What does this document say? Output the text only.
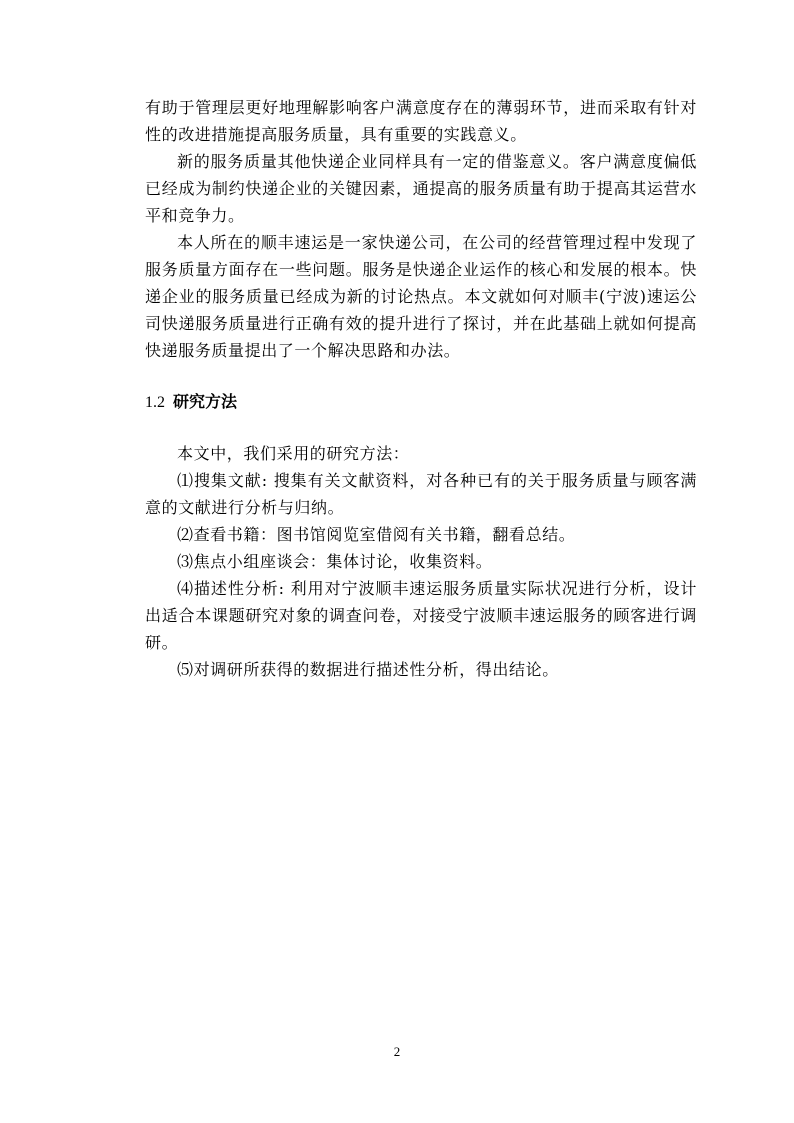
有助于管理层更好地理解影响客户满意度存在的薄弱环节，进而采取有针对性的改进措施提高服务质量，具有重要的实践意义。

新的服务质量其他快递企业同样具有一定的借鉴意义。客户满意度偏低已经成为制约快递企业的关键因素，通提高的服务质量有助于提高其运营水平和竞争力。

本人所在的顺丰速运是一家快递公司，在公司的经营管理过程中发现了服务质量方面存在一些问题。服务是快递企业运作的核心和发展的根本。快递企业的服务质量已经成为新的讨论热点。本文就如何对顺丰(宁波)速运公司快递服务质量进行正确有效的提升进行了探讨，并在此基础上就如何提高快递服务质量提出了一个解决思路和办法。

1.2 研究方法

本文中，我们采用的研究方法：

⑴搜集文献: 搜集有关文献资料，对各种已有的关于服务质量与顾客满意的文献进行分析与归纳。

⑵查看书籍：图书馆阅览室借阅有关书籍，翻看总结。

⑶焦点小组座谈会：集体讨论，收集资料。

⑷描述性分析: 利用对宁波顺丰速运服务质量实际状况进行分析，设计出适合本课题研究对象的调查问卷，对接受宁波顺丰速运服务的顾客进行调研。

⑸对调研所获得的数据进行描述性分析，得出结论。

2
